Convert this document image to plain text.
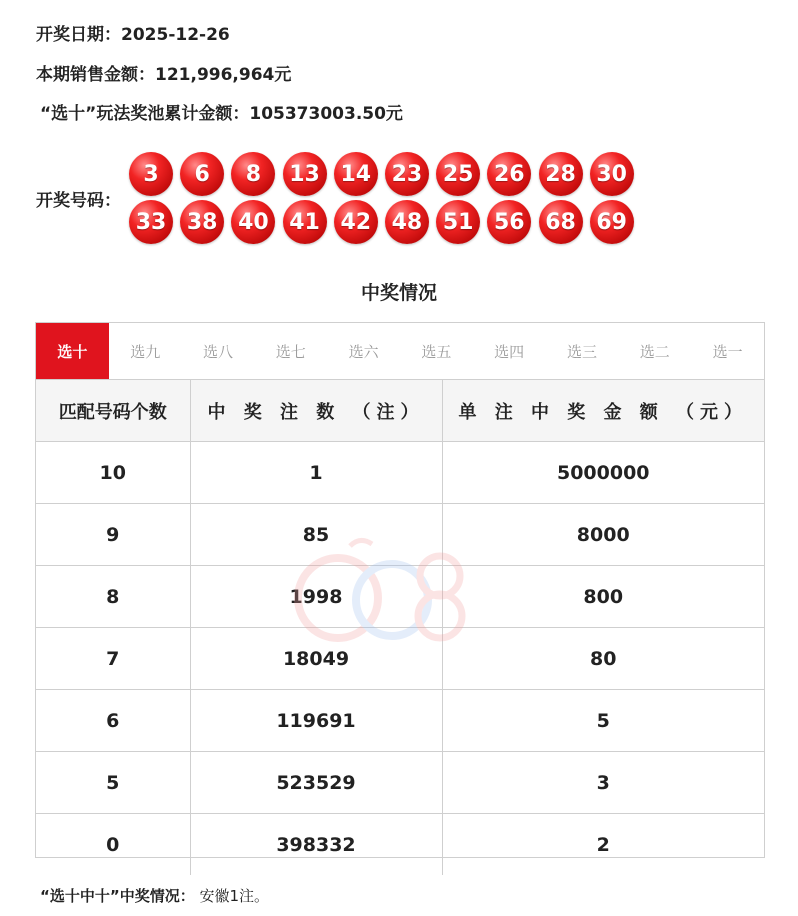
开奖日期：2025-12-26
本期销售金额：121,996,964元
“选十”玩法奖池累计金额：105373003.50元
开奖号码：
3	6	8	13 14 23 25 26 28 30
33 38 40 41 42 48 51 56 68 69
中奖情况
选十	选九	选八	选七	选六	选五	选四	选三	选二	选一
匹配号码个数	中 奖 注 数 （注）	单 注 中 奖 金 额 （元）
10	1	5000000
9	85	8000
8	1998	800
7	18049	80
6	119691	5
5	523529	3
0	398332	2
“选十中十”中奖情况： 安徽1注。
